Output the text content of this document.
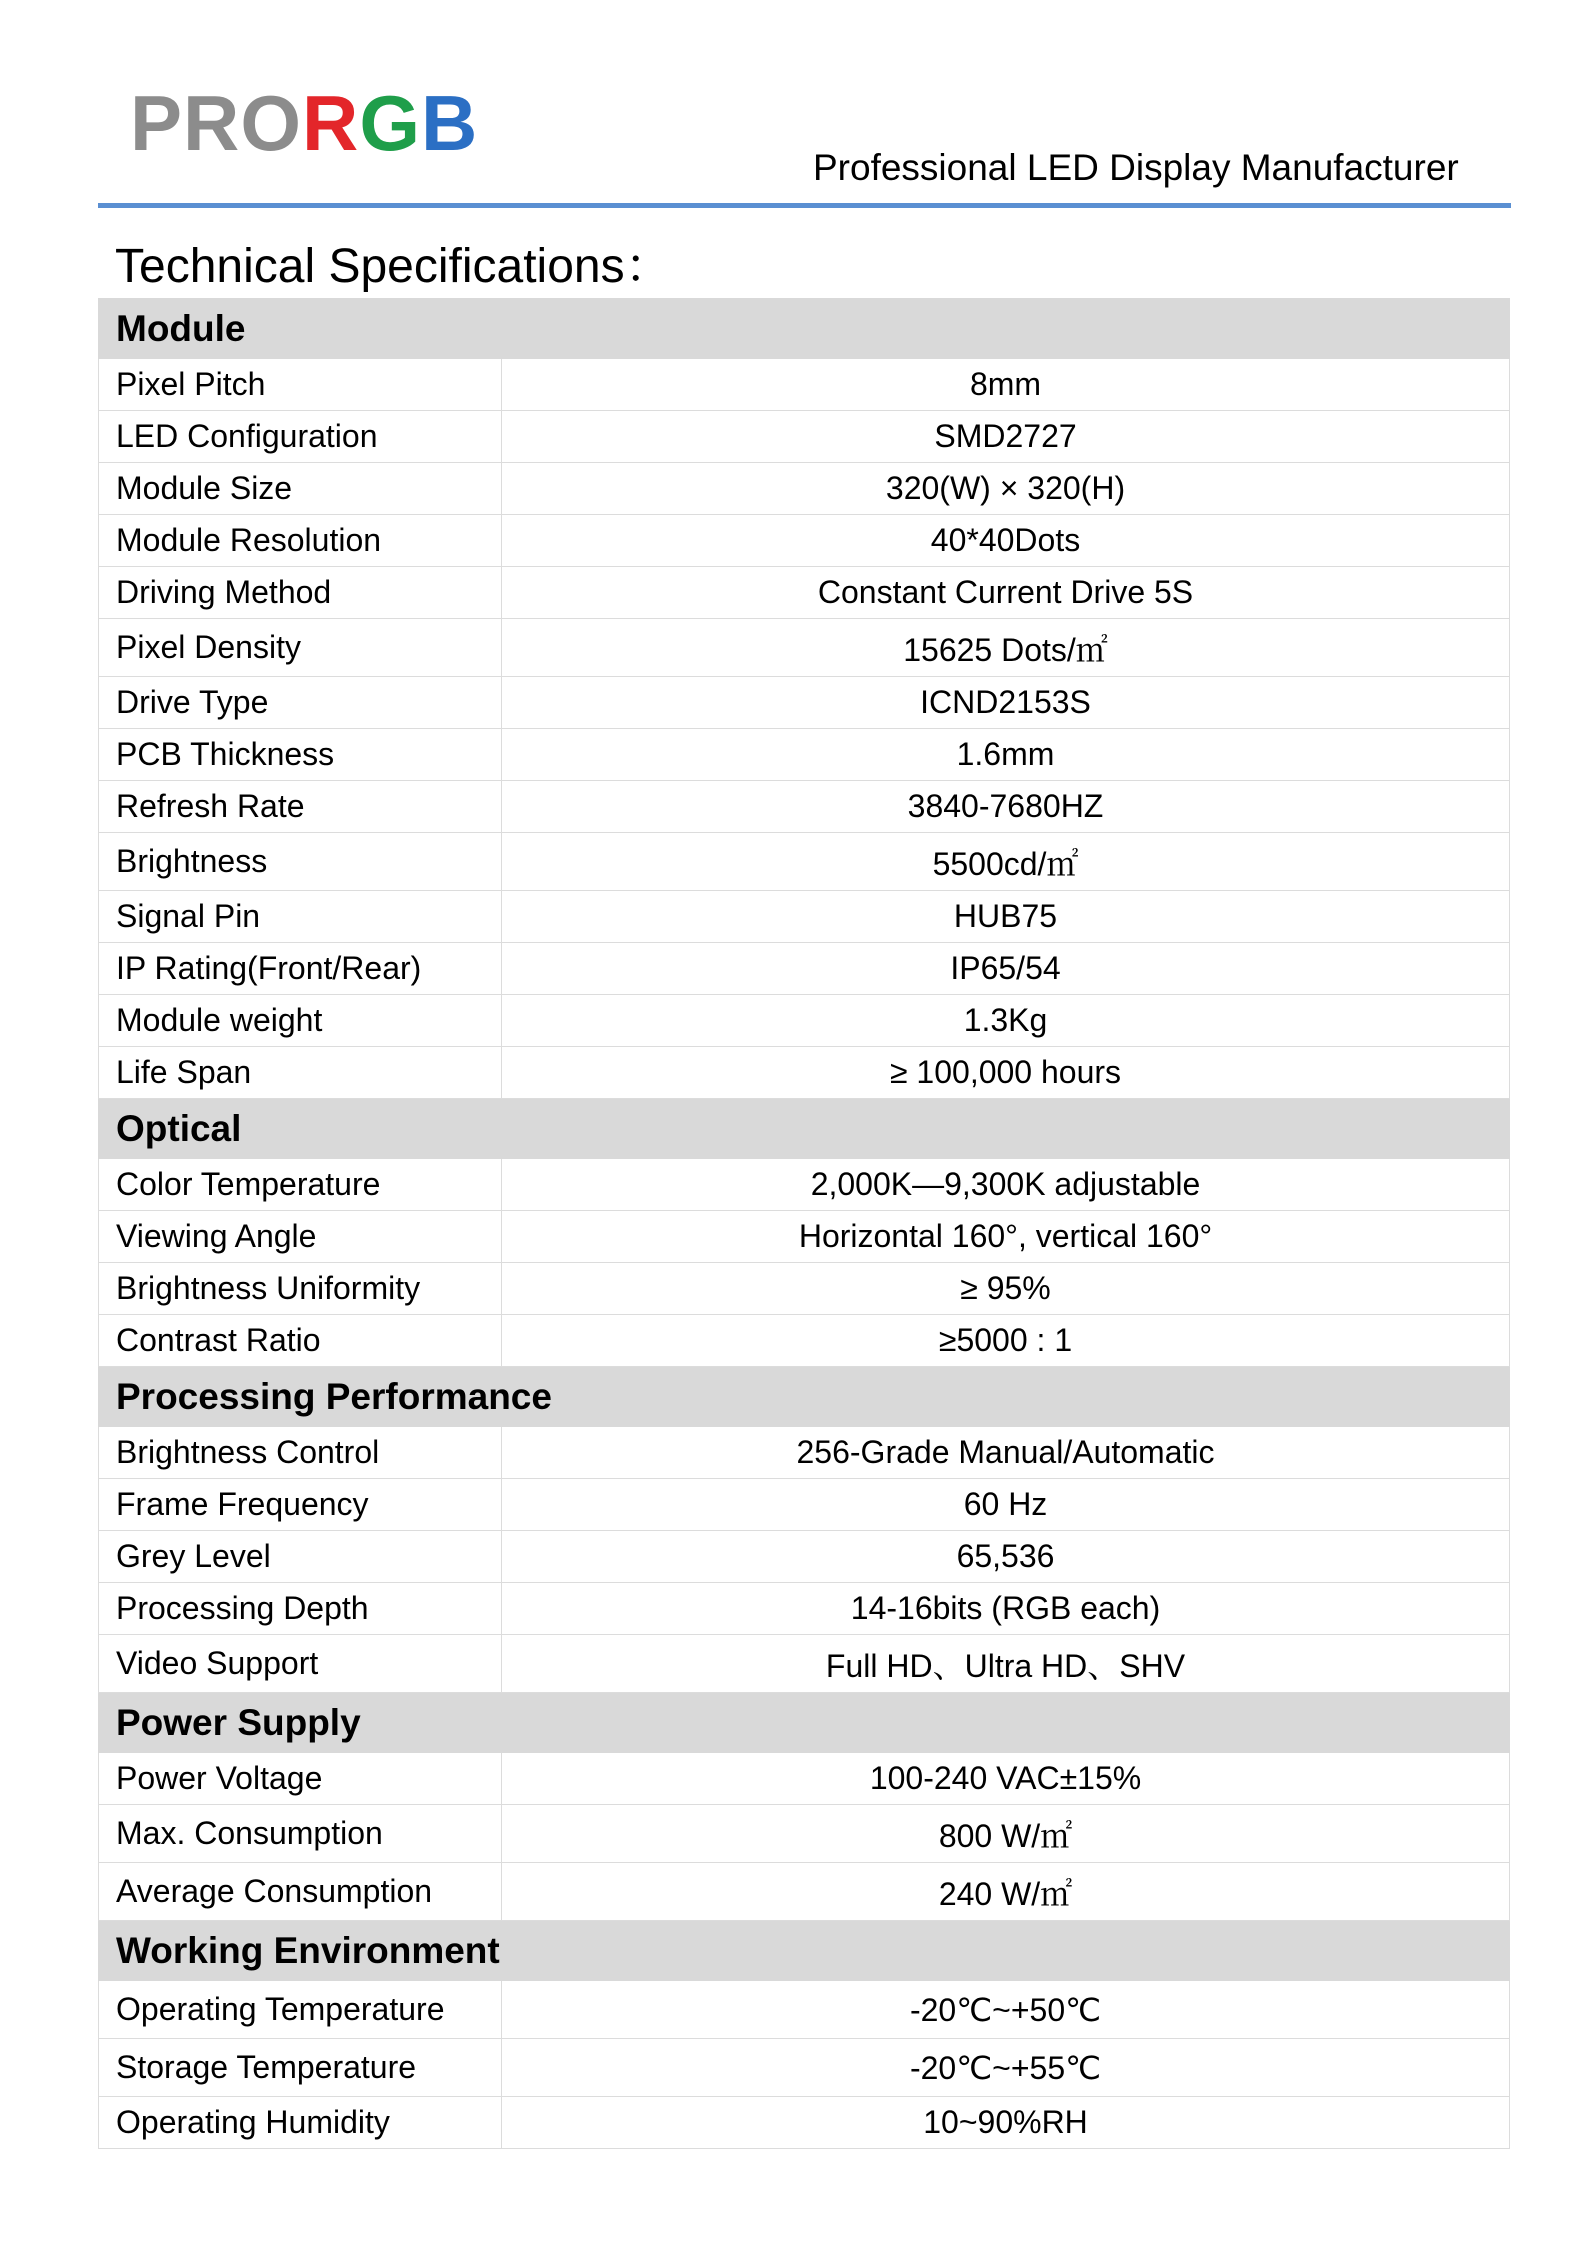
PRORGB
Professional LED Display Manufacturer
Technical Specifications：
Module	
Pixel Pitch	8mm
LED Configuration	SMD2727
Module Size	320(W) × 320(H)
Module Resolution	40*40Dots
Driving Method	Constant Current Drive 5S
Pixel Density	15625 Dots/㎡
Drive Type	ICND2153S
PCB Thickness	1.6mm
Refresh Rate	3840-7680HZ
Brightness	5500cd/㎡
Signal Pin	HUB75
IP Rating(Front/Rear)	IP65/54
Module weight	1.3Kg
Life Span	≥ 100,000 hours
Optical	
Color Temperature	2,000K—9,300K adjustable
Viewing Angle	Horizontal 160°, vertical 160°
Brightness Uniformity	≥ 95%
Contrast Ratio	≥5000 : 1
Processing Performance	
Brightness Control	256-Grade Manual/Automatic
Frame Frequency	60 Hz
Grey Level	65,536
Processing Depth	14-16bits (RGB each)
Video Support	Full HD、Ultra HD、SHV
Power Supply	
Power Voltage	100-240 VAC±15%
Max. Consumption	800 W/㎡
Average Consumption	240 W/㎡
Working Environment	
Operating Temperature	-20℃~+50℃
Storage Temperature	-20℃~+55℃
Operating Humidity	10~90%RH
